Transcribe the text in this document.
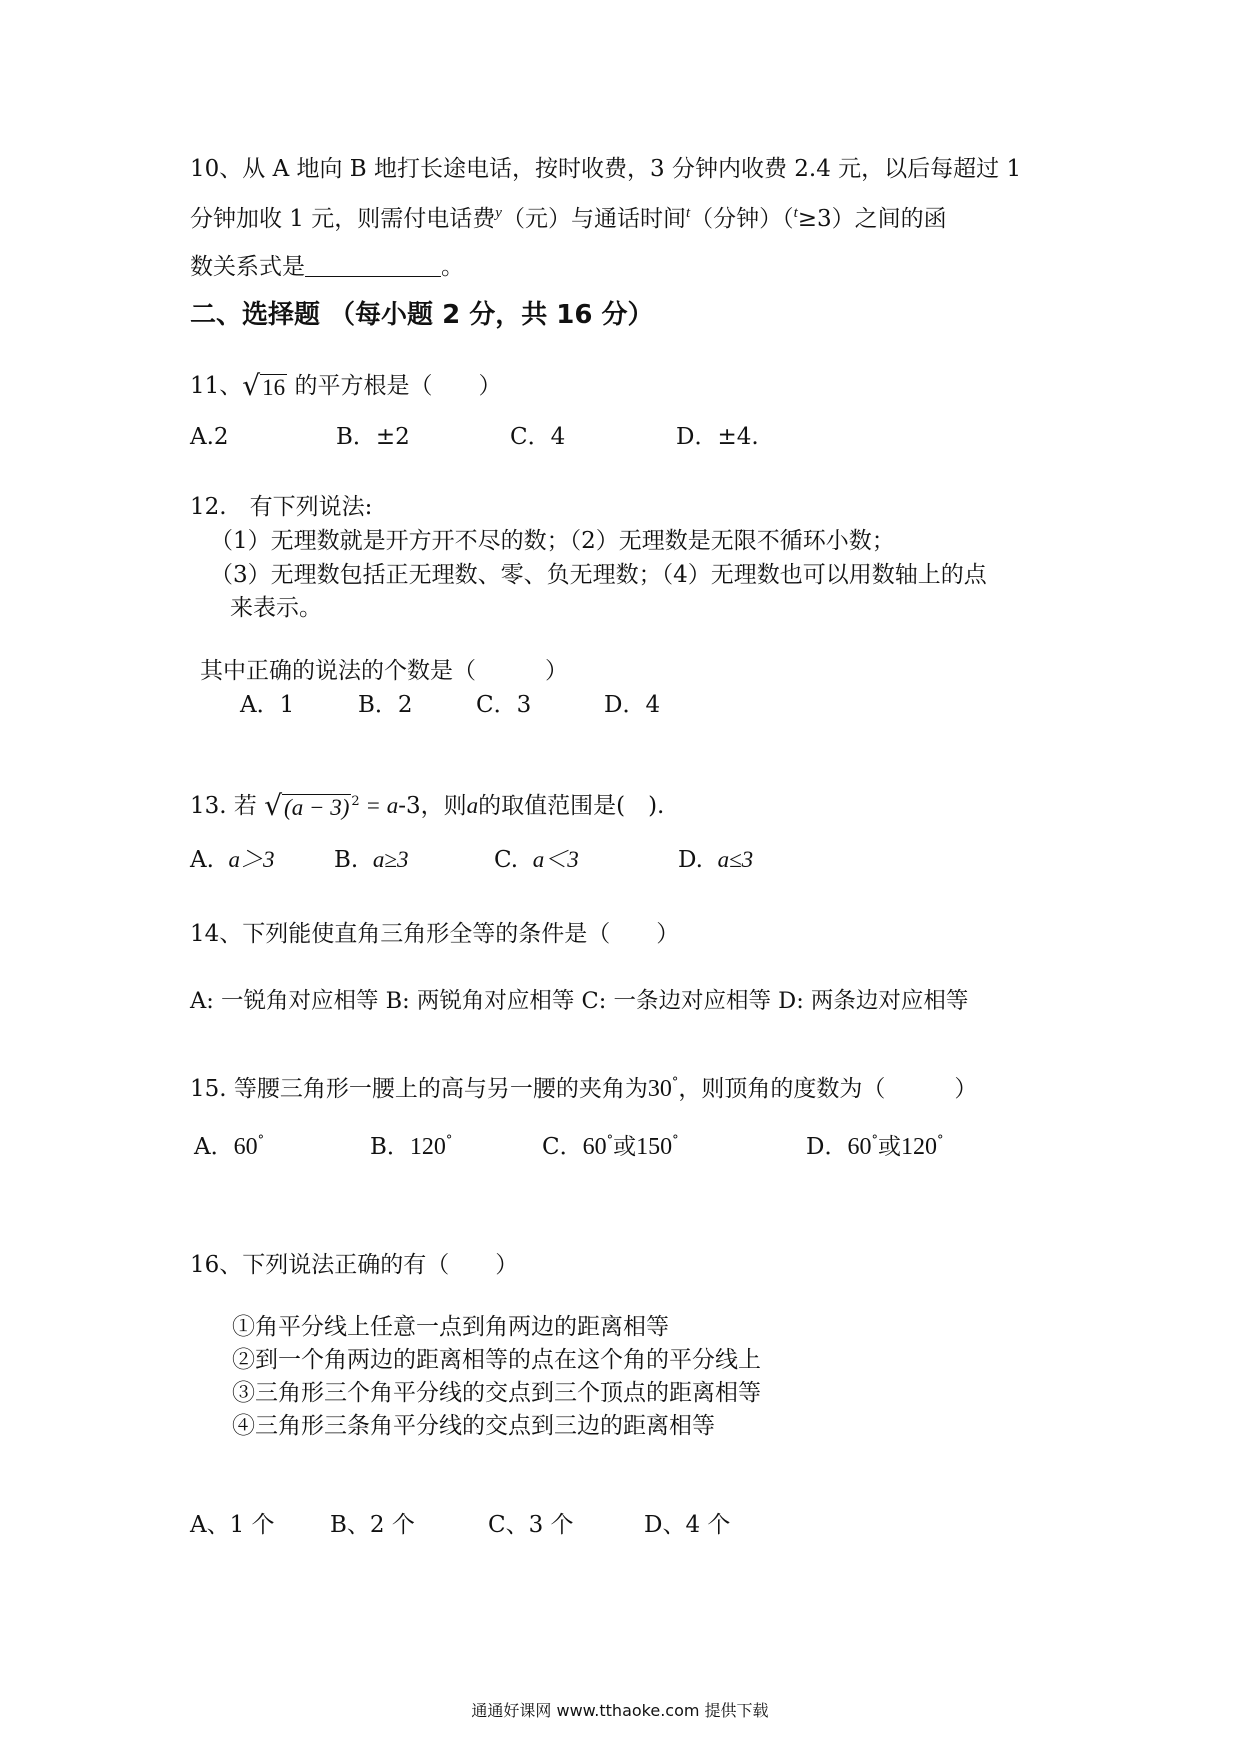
10、从 A 地向 B 地打长途电话，按时收费，3 分钟内收费 2.4 元，以后每超过 1
分钟加收 1 元，则需付电话费$^y$（元）与通话时间$^t$（分钟）（$^t$≥3）之间的函
数关系式是	。
二、选择题 （每小题 2 分，共 16 分）
11、√16 的平方根是（　　）
A.2	B．±2	C．4	D．±4.
12.　有下列说法:
（1）无理数就是开方开不尽的数；（2）无理数是无限不循环小数；
（3）无理数包括正无理数、零、负无理数；（4）无理数也可以用数轴上的点
来表示。
其中正确的说法的个数是（　　　）
A．1	B．2	C．3	D．4
13. 若 √(a − 3) $^2$ = a-3，则a的取值范围是(　).
A. a＞3	B. a≥3	C. a＜3	D. a≤3
14、下列能使直角三角形全等的条件是（　　）
A: 一锐角对应相等 B: 两锐角对应相等 C: 一条边对应相等 D: 两条边对应相等
15. 等腰三角形一腰上的高与另一腰的夹角为30°，则顶角的度数为（　　　）
A．60°	B．120°	C．60°或150°	D．60°或120°
16、下列说法正确的有（　　）
①角平分线上任意一点到角两边的距离相等
②到一个角两边的距离相等的点在这个角的平分线上
③三角形三个角平分线的交点到三个顶点的距离相等
④三角形三条角平分线的交点到三边的距离相等
A、1 个 B、2 个	C、3 个	D、4 个
通通好课网 www.tthaoke.com 提供下载
